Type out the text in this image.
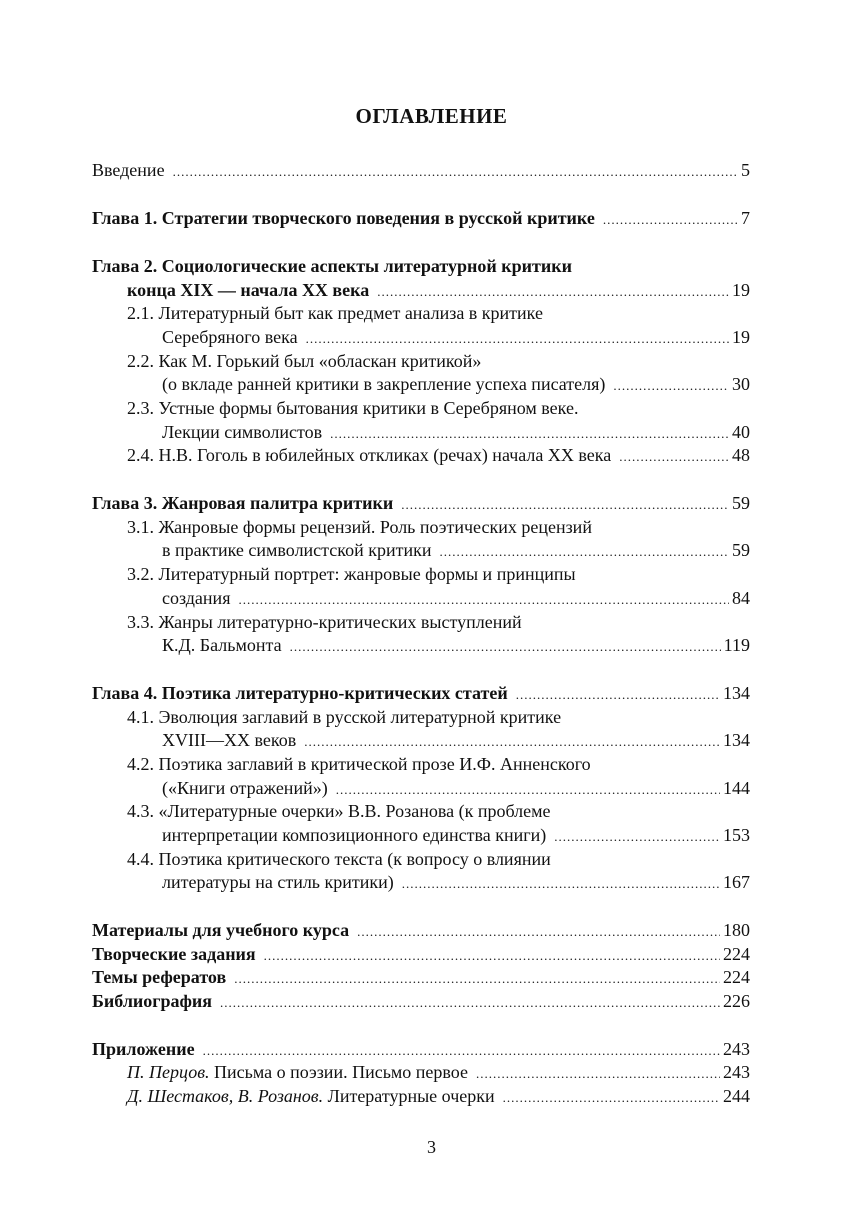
ОГЛАВЛЕНИЕ
Введение .....	5
Глава 1. Стратегии творческого поведения в русской критике .....	7
Глава 2. Социологические аспекты литературной критики
конца XIX — начала XX века .....	19
2.1. Литературный быт как предмет анализа в критике
Серебряного века .....	19
2.2. Как М. Горький был «обласкан критикой»
(о вкладе ранней критики в закрепление успеха писателя) .....	30
2.3. Устные формы бытования критики в Серебряном веке.
Лекции символистов .....	40
2.4. Н.В. Гоголь в юбилейных откликах (речах) начала XX века .....	48
Глава 3. Жанровая палитра критики .....	59
3.1. Жанровые формы рецензий. Роль поэтических рецензий
в практике символистской критики .....	59
3.2. Литературный портрет: жанровые формы и принципы
создания .....	84
3.3. Жанры литературно-критических выступлений
К.Д. Бальмонта .....	119
Глава 4. Поэтика литературно-критических статей .....	134
4.1. Эволюция заглавий в русской литературной критике
XVIII—XX веков .....	134
4.2. Поэтика заглавий в критической прозе И.Ф. Анненского
(«Книги отражений») .....	144
4.3. «Литературные очерки» В.В. Розанова (к проблеме
интерпретации композиционного единства книги) .....	153
4.4. Поэтика критического текста (к вопросу о влиянии
литературы на стиль критики) .....	167
Материалы для учебного курса .....	180
Творческие задания .....	224
Темы рефератов .....	224
Библиография .....	226
Приложение .....	243
П. Перцов. Письма о поэзии. Письмо первое .....	243
Д. Шестаков, В. Розанов. Литературные очерки .....	244
3
